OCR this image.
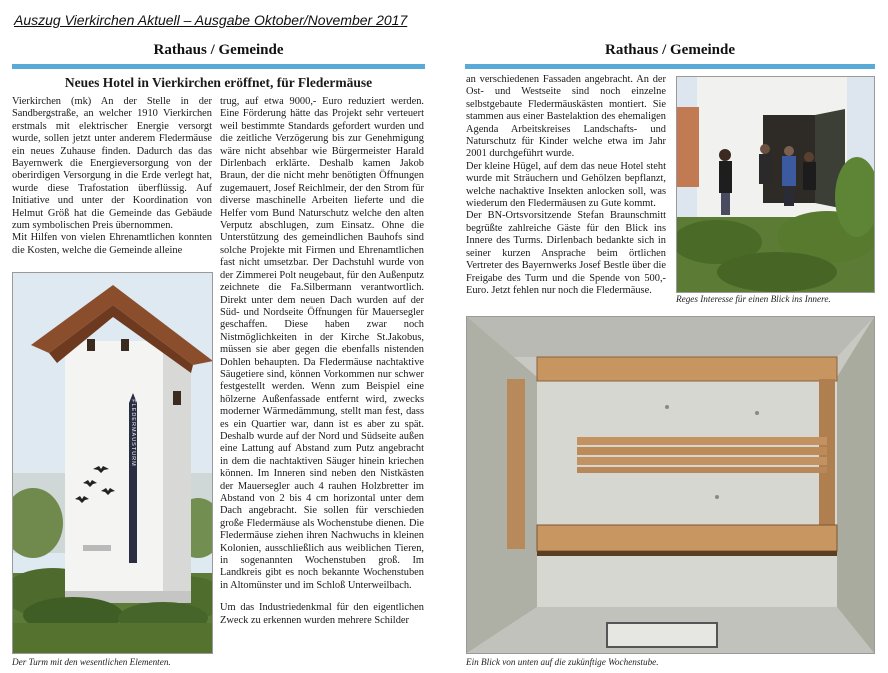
Auszug Vierkirchen Aktuell – Ausgabe Oktober/November 2017
Rathaus / Gemeinde
Neues Hotel in Vierkirchen eröffnet, für Fledermäuse

Vierkirchen (mk) An der Stelle in der Sandbergstraße, an welcher 1910 Vierkirchen erstmals mit elektrischer Energie versorgt wurde, sollen jetzt unter anderem Fledermäuse ein neues Zuhause finden. Dadurch das das Bayernwerk die Energieversorgung von der oberirdigen Versorgung in die Erde verlegt hat, wurde diese Trafostation überflüssig. Auf Initiative und unter der Koordination von Helmut Größ hat die Gemeinde das Gebäude zum symbolischen Preis übernommen.

Mit Hilfen von vielen Ehrenamtlichen konnten die Kosten, welche die Gemeinde alleine

FLEDERMAUSTURM
Der Turm mit den wesentlichen Elementen.

trug, auf etwa 9000,- Euro reduziert werden. Eine Förderung hätte das Projekt sehr verteuert weil bestimmte Standards gefordert wurden und die zeitliche Verzögerung bis zur Genehmigung wäre nicht absehbar wie Bürgermeister Harald Dirlenbach erklärte. Deshalb kamen Jakob Braun, der die nicht mehr benötigten Öffnungen zugemauert, Josef Reichlmeir, der den Strom für diverse maschinelle Arbeiten lieferte und die Helfer vom Bund Naturschutz welche den alten Verputz abschlugen, zum Einsatz. Ohne die Unterstützung des gemeindlichen Bauhofs sind solche Projekte mit Firmen und Ehrenamtlichen fast nicht umsetzbar. Der Dachstuhl wurde von der Zimmerei Polt neugebaut, für den Außenputz zeichnete die Fa.Silbermann verantwortlich. Direkt unter dem neuen Dach wurden auf der Süd- und Nordseite Öffnungen für Mauersegler geschaffen. Diese haben zwar noch Nistmöglichkeiten in der Kirche St.Jakobus, müssen sie aber gegen die ebenfalls nistenden Dohlen behaupten. Da Fledermäuse nachtaktive Säugetiere sind, können Vorkommen nur schwer festgestellt werden. Wenn zum Beispiel eine hölzerne Außenfassade entfernt wird, zwecks moderner Wärmedämmung, stellt man fest, dass es ein Quartier war, dann ist es aber zu spät. Deshalb wurde auf der Nord und Südseite außen eine Lattung auf Abstand zum Putz angebracht in dem die nachtaktiven Säuger hinein kriechen können. Im Inneren sind neben den Nistkästen der Mauersegler auch 4 rauhen Holzbretter im Abstand von 2 bis 4 cm horizontal unter dem Dach angebracht. Sie sollen für verschieden große Fledermäuse als Wochenstube dienen. Die Fledermäuse ziehen ihren Nachwuchs in kleinen Kolonien, ausschließlich aus weiblichen Tieren, in sogenannten Wochenstuben groß. Im Landkreis gibt es noch bekannte Wochenstuben in Altomünster und im Schloß Unterweilbach.

Um das Industriedenkmal für den eigentlichen Zweck zu erkennen wurden mehrere Schilder

Rathaus / Gemeinde

an verschiedenen Fassaden angebracht. An der Ost- und Westseite sind noch einzelne selbstgebaute Fledermäuskästen montiert. Sie stammen aus einer Bastelaktion des ehemaligen Agenda Arbeitskreises Landschafts- und Naturschutz für Kinder welche etwa im Jahr 2001 durchgeführt wurde.

Der kleine Hügel, auf dem das neue Hotel steht wurde mit Sträuchern und Gehölzen bepflanzt, welche nachaktive Insekten anlocken soll, was wiederum den Fledermäusen zu Gute kommt.

Der BN-Ortsvorsitzende Stefan Braunschmitt begrüßte zahlreiche Gäste für den Blick ins Innere des Turms. Dirlenbach bedankte sich in seiner kurzen Ansprache beim örtlichen Vertreter des Bayernwerks Josef Bestle über die Freigabe des Turm und die Spende von 500,- Euro. Jetzt fehlen nur noch die Fledermäuse.

Reges Interesse für einen Blick ins Innere.
Ein Blick von unten auf die zukünftige Wochenstube.
